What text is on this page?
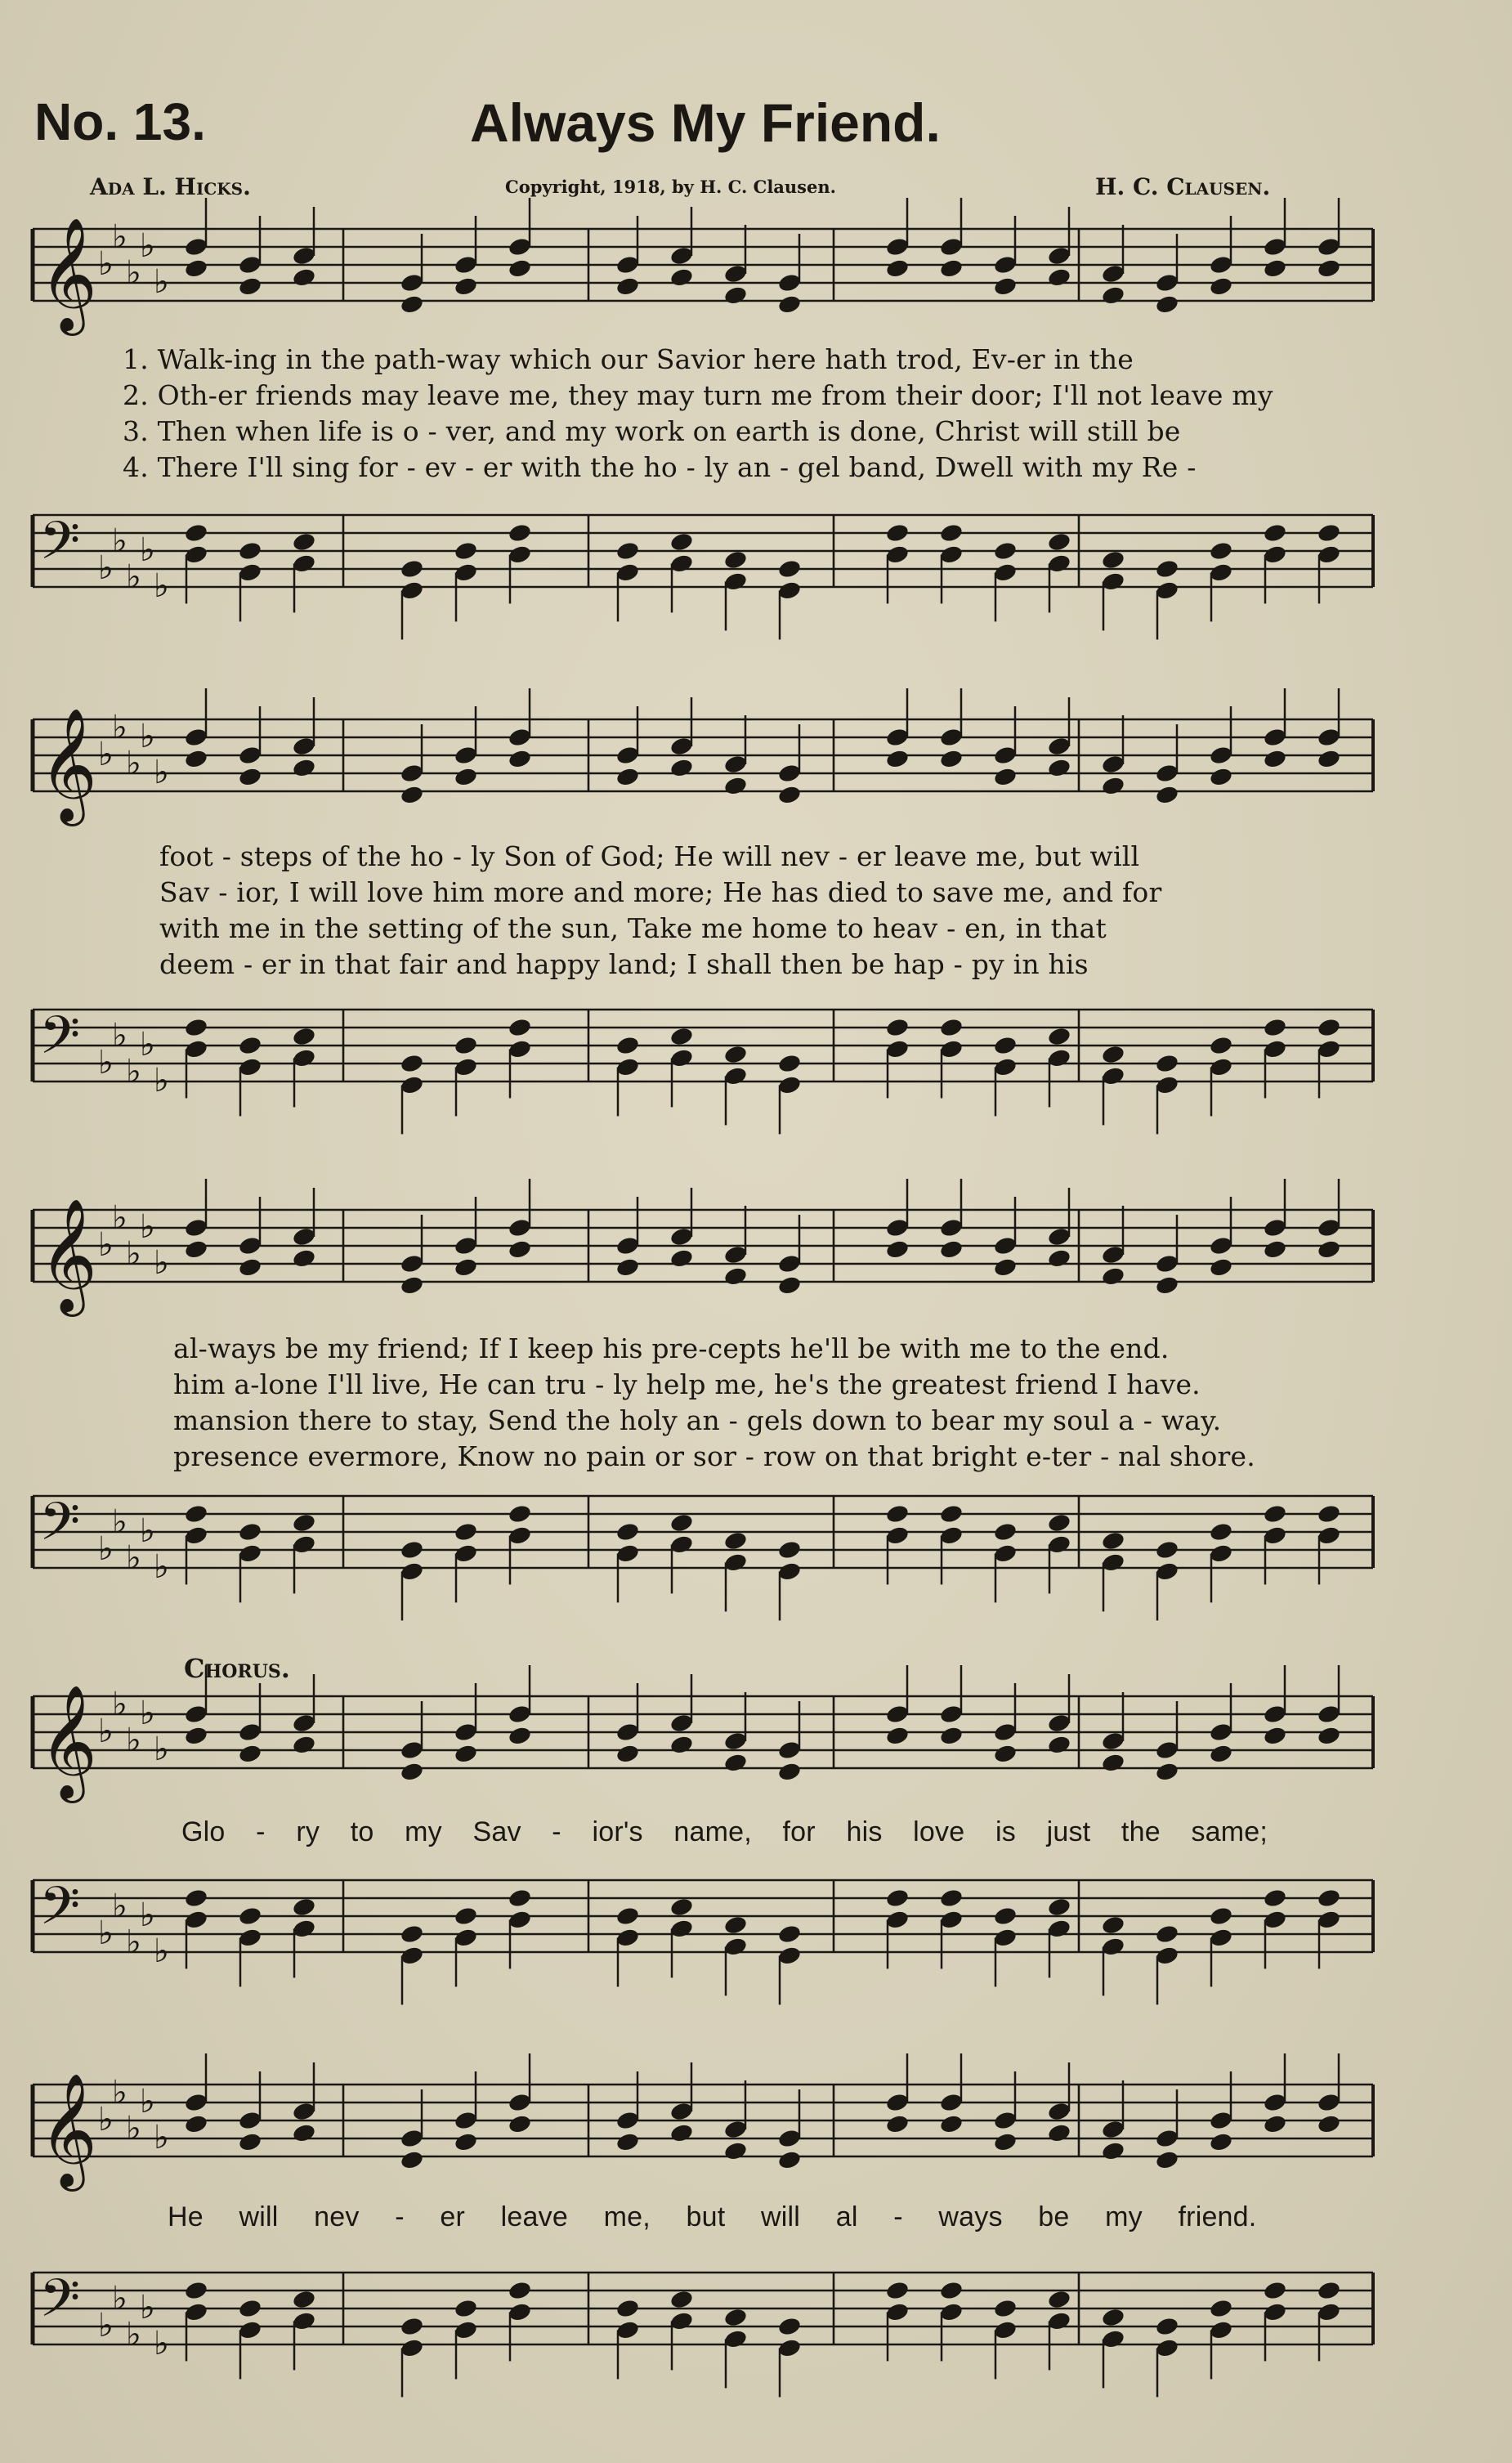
No. 13.	Always My Friend.
Ada L. Hicks.	Copyright, 1918, by H. C. Clausen.	H. C. Clausen.
𝄞 ♭
♭
♭
♭
♭
𝄢 ♭
♭
♭
♭
♭
1. Walk-ing in the path-way which our Savior here hath trod, Ev-er in the
2. Oth-er friends may leave me, they may turn me from their door; I'll not leave my
3. Then when life is o - ver, and my work on earth is done, Christ will still be
4. There I'll sing for - ev - er with the ho - ly an - gel band, Dwell with my Re -
𝄞 ♭
♭
♭
♭
♭
𝄢 ♭
♭
♭
♭
♭
foot - steps of the ho - ly Son of God; He will nev - er leave me, but will
Sav - ior, I will love him more and more; He has died to save me, and for
with me in the setting of the sun, Take me home to heav - en, in that
deem - er in that fair and happy land; I shall then be hap - py in his
𝄞 ♭
♭
♭
♭
♭
𝄢 ♭
♭
♭
♭
♭
al-ways be my friend; If I keep his pre-cepts he'll be with me to the end.
him a-lone I'll live, He can tru - ly help me, he's the greatest friend I have.
mansion there to stay, Send the holy an - gels down to bear my soul a - way.
presence evermore, Know no pain or sor - row on that bright e-ter - nal shore.
Chorus.
𝄞 ♭
♭
♭
♭
♭
𝄢 ♭
♭
♭
♭
♭
Glo - ry to my Sav - ior's name, for his love is just the same;
𝄞 ♭
♭
♭
♭
♭
𝄢 ♭
♭
♭
♭
♭
He will nev - er leave me, but will al - ways be my friend.
